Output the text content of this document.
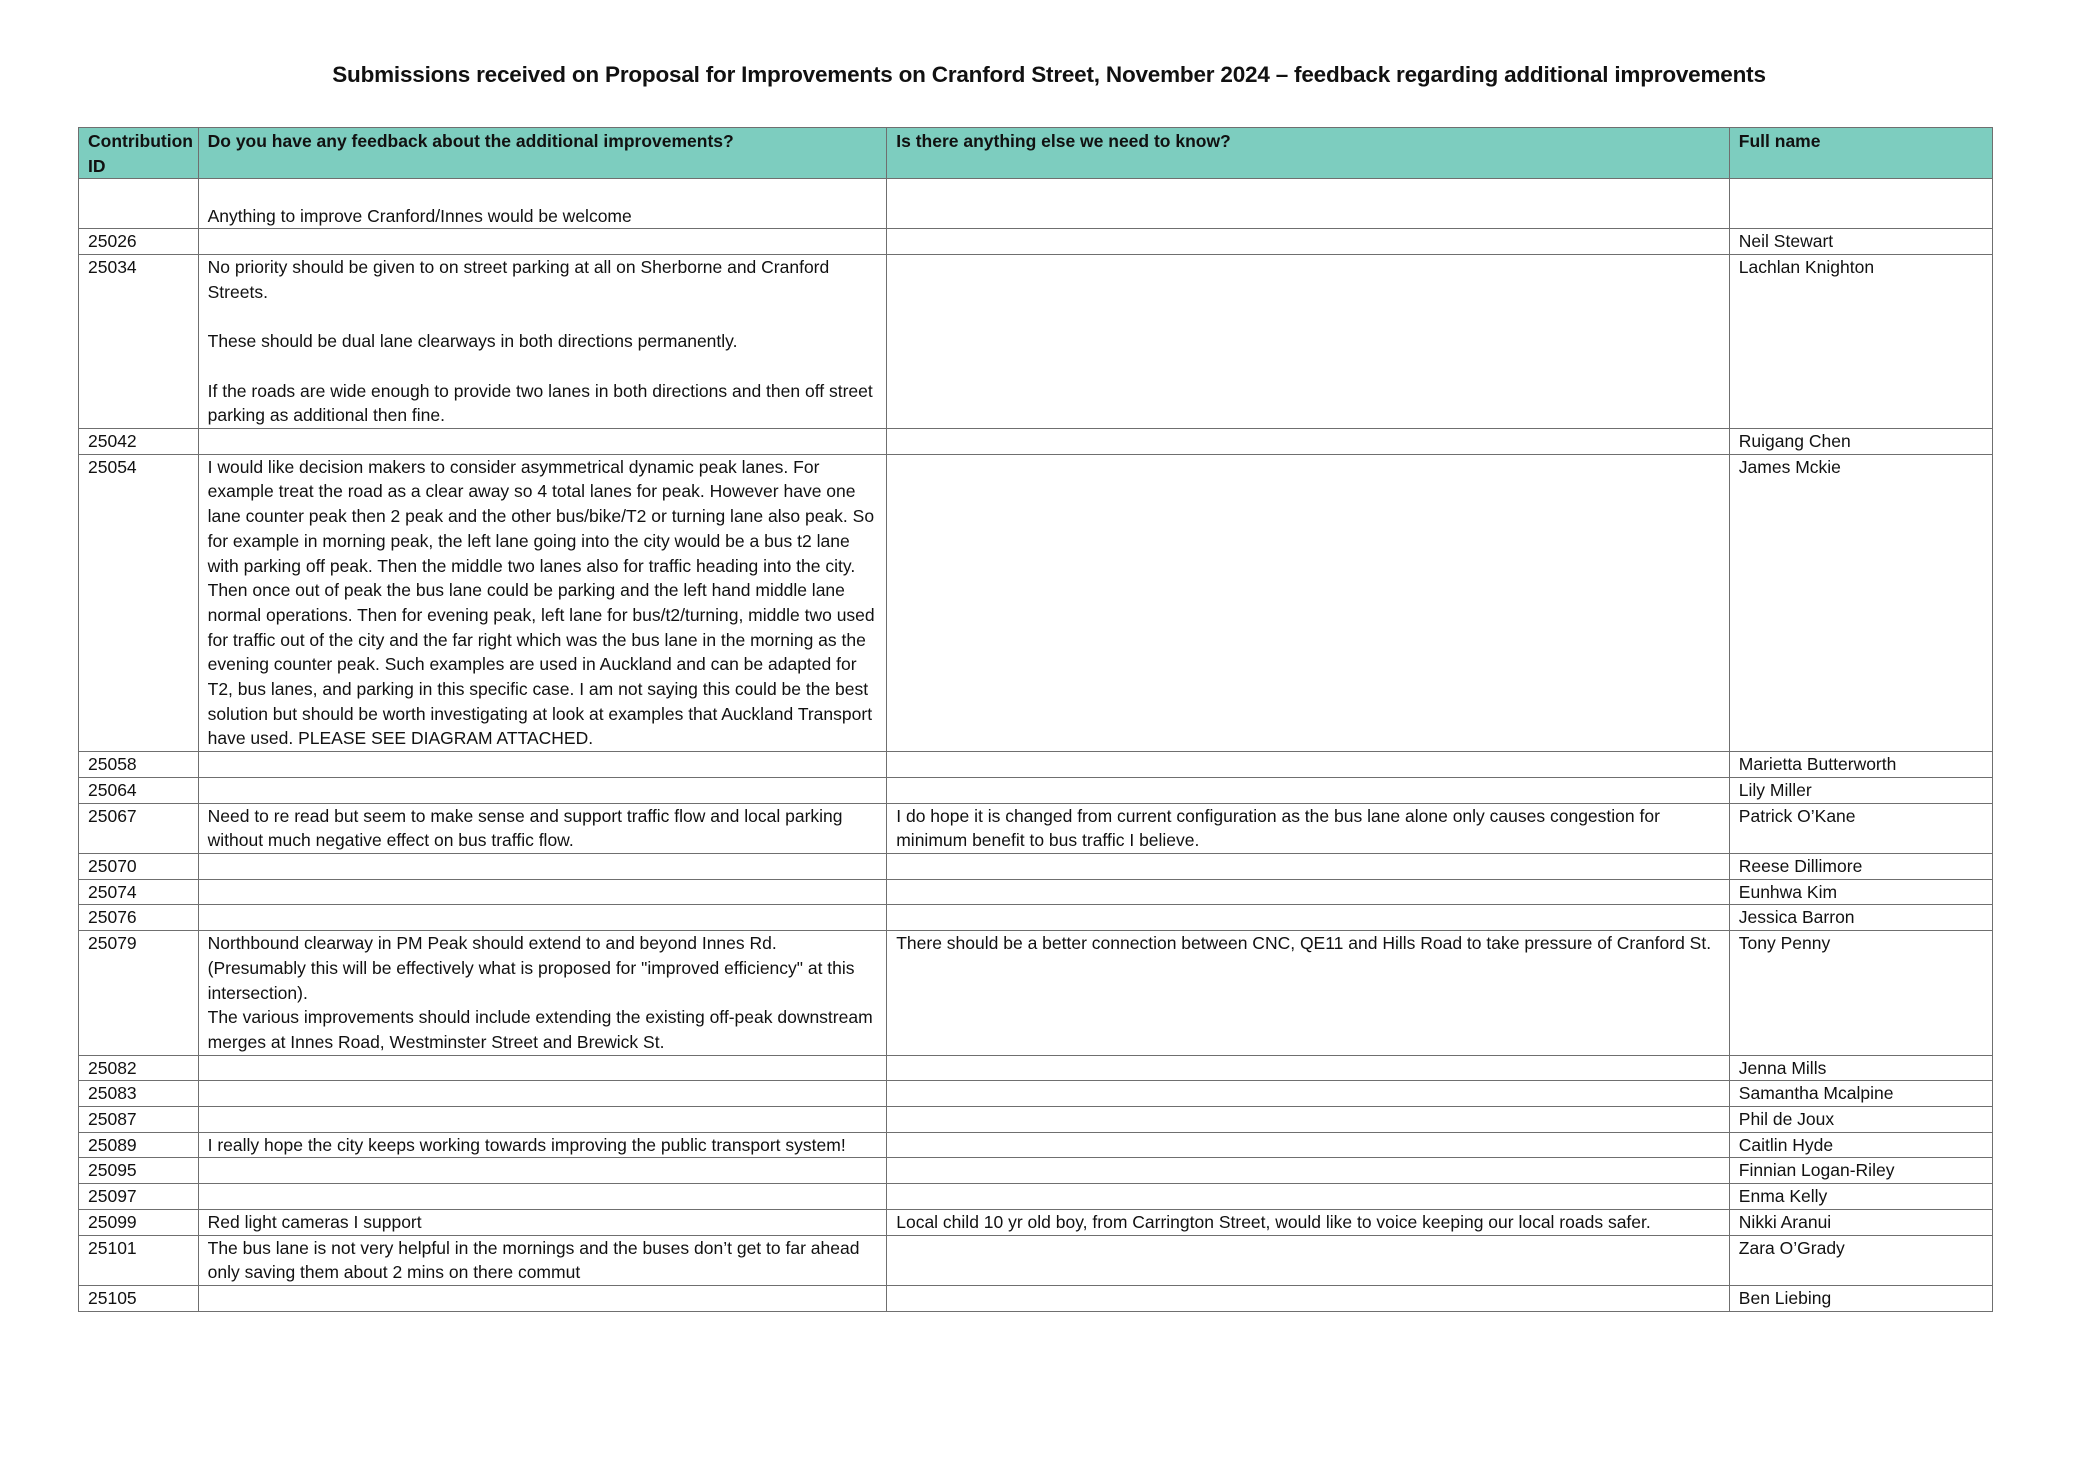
Submissions received on Proposal for Improvements on Cranford Street, November 2024 – feedback regarding additional improvements
Contribution ID	Do you have any feedback about the additional improvements?	Is there anything else we need to know?	Full name
	Anything to improve Cranford/Innes would be welcome		
25026			Neil Stewart
25034	No priority should be given to on street parking at all on Sherborne and Cranford Streets.

These should be dual lane clearways in both directions permanently.

If the roads are wide enough to provide two lanes in both directions and then off street parking as additional then fine.		Lachlan Knighton
25042			Ruigang Chen
25054	I would like decision makers to consider asymmetrical dynamic peak lanes. For example treat the road as a clear away so 4 total lanes for peak. However have one lane counter peak then 2 peak and the other bus/bike/T2 or turning lane also peak. So for example in morning peak, the left lane going into the city would be a bus t2 lane with parking off peak. Then the middle two lanes also for traffic heading into the city. Then once out of peak the bus lane could be parking and the left hand middle lane normal operations. Then for evening peak, left lane for bus/t2/turning, middle two used for traffic out of the city and the far right which was the bus lane in the morning as the evening counter peak. Such examples are used in Auckland and can be adapted for T2, bus lanes, and parking in this specific case. I am not saying this could be the best solution but should be worth investigating at look at examples that Auckland Transport have used. PLEASE SEE DIAGRAM ATTACHED.		James Mckie
25058			Marietta Butterworth
25064			Lily Miller
25067	Need to re read but seem to make sense and support traffic flow and local parking without much negative effect on bus traffic flow.	I do hope it is changed from current configuration as the bus lane alone only causes congestion for minimum benefit to bus traffic I believe.	Patrick O’Kane
25070			Reese Dillimore
25074			Eunhwa Kim
25076			Jessica Barron
25079	Northbound clearway in PM Peak should extend to and beyond Innes Rd. (Presumably this will be effectively what is proposed for "improved efficiency" at this intersection).
The various improvements should include extending the existing off-peak downstream merges at Innes Road, Westminster Street and Brewick St.	There should be a better connection between CNC, QE11 and Hills Road to take pressure of Cranford St.	Tony Penny
25082			Jenna Mills
25083			Samantha Mcalpine
25087			Phil de Joux
25089	I really hope the city keeps working towards improving the public transport system!		Caitlin Hyde
25095			Finnian Logan-Riley
25097			Enma Kelly
25099	Red light cameras I support	Local child 10 yr old boy, from Carrington Street, would like to voice keeping our local roads safer.	Nikki Aranui
25101	The bus lane is not very helpful in the mornings and the buses don’t get to far ahead only saving them about 2 mins on there commut		Zara O’Grady
25105			Ben Liebing
